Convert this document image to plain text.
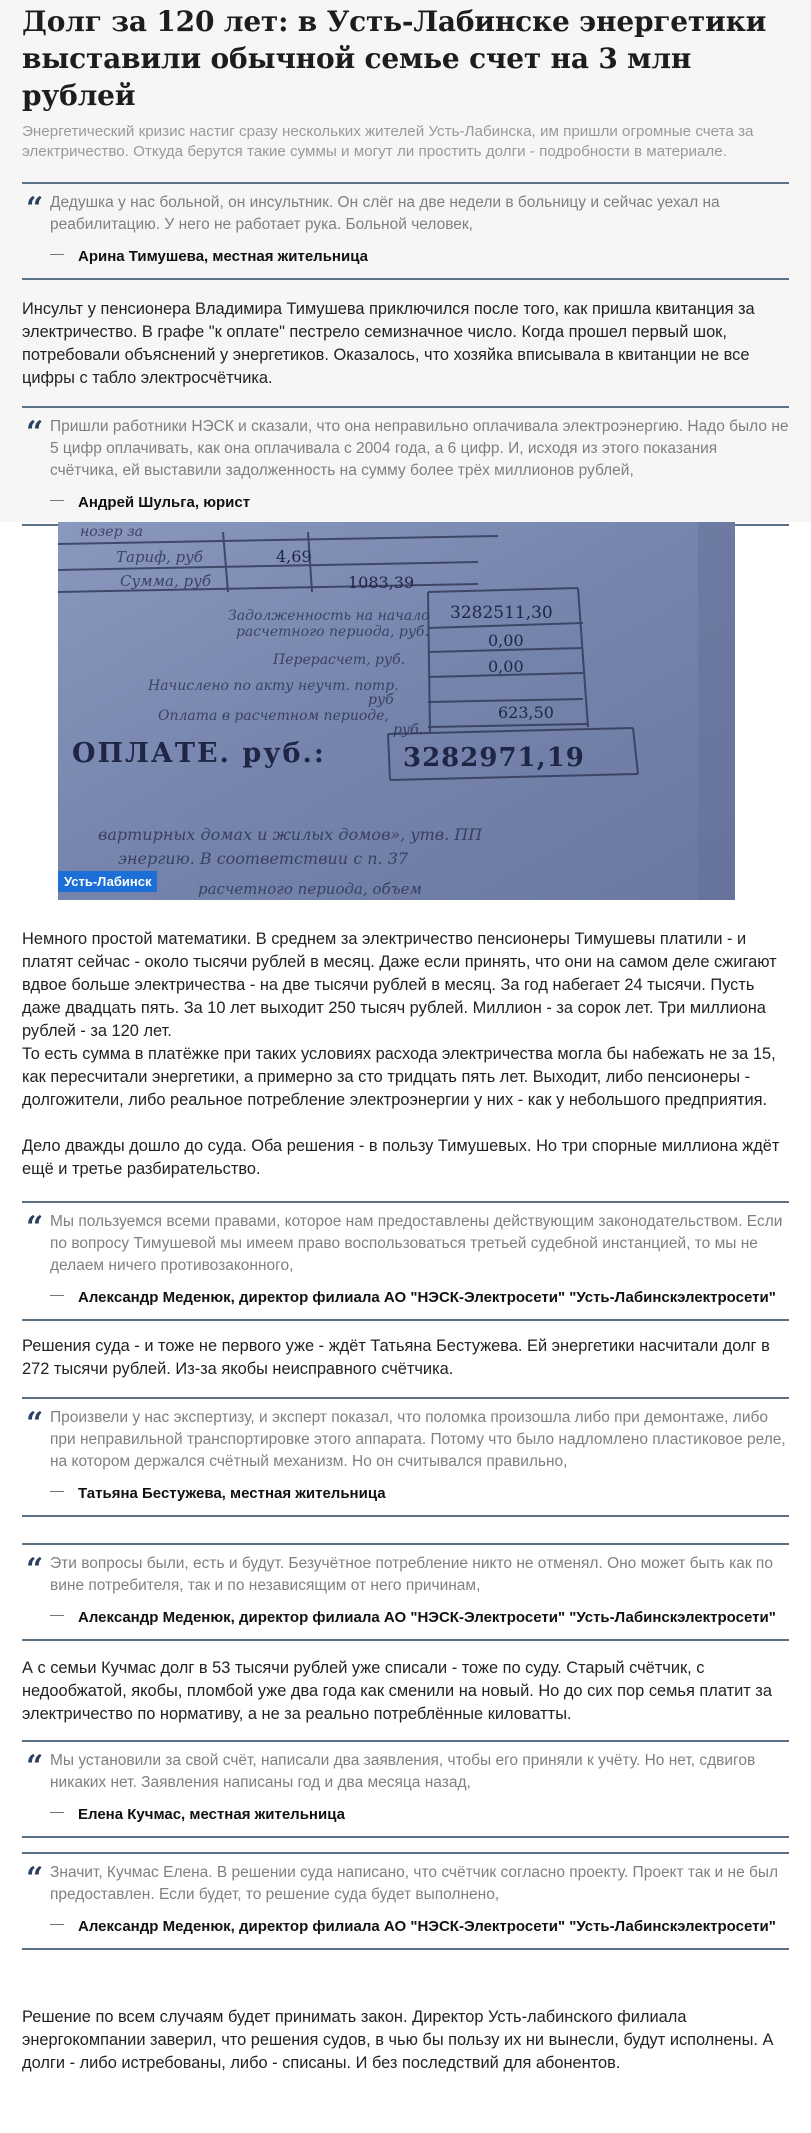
Долг за 120 лет: в Усть-Лабинске энергетики выставили обычной семье счет на 3 млн рублей

Энергетический кризис настиг сразу нескольких жителей Усть-Лабинска, им пришли огромные счета за электричество. Откуда берутся такие суммы и могут ли простить долги - подробности в материале.

“ Дедушка у нас больной, он инсультник. Он слёг на две недели в больницу и сейчас уехал на реабилитацию. У него не работает рука. Больной человек,

Арина Тимушева, местная жительница

Инсульт у пенсионера Владимира Тимушева приключился после того, как пришла квитанция за электричество. В графе "к оплате" пестрело семизначное число. Когда прошел первый шок, потребовали объяснений у энергетиков. Оказалось, что хозяйка вписывала в квитанции не все цифры с табло электросчётчика.

“ Пришли работники НЭСК и сказали, что она неправильно оплачивала электроэнергию. Надо было не 5 цифр оплачивать, как она оплачивала с 2004 года, а 6 цифр. И, исходя из этого показания счётчика, ей выставили задолженность на сумму более трёх миллионов рублей,

Андрей Шульга, юрист

Немного простой математики. В среднем за электричество пенсионеры Тимушевы платили - и платят сейчас - около тысячи рублей в месяц. Даже если принять, что они на самом деле сжигают вдвое больше электричества - на две тысячи рублей в месяц. За год набегает 24 тысячи. Пусть даже двадцать пять. За 10 лет выходит 250 тысяч рублей. Миллион - за сорок лет. Три миллиона рублей - за 120 лет.

То есть сумма в платёжке при таких условиях расхода электричества могла бы набежать не за 15, как пересчитали энергетики, а примерно за сто тридцать пять лет. Выходит, либо пенсионеры - долгожители, либо реальное потребление электроэнергии у них - как у небольшого предприятия.

Дело дважды дошло до суда. Оба решения - в пользу Тимушевых. Но три спорные миллиона ждёт ещё и третье разбирательство.

“ Мы пользуемся всеми правами, которое нам предоставлены действующим законодательством. Если по вопросу Тимушевой мы имеем право воспользоваться третьей судебной инстанцией, то мы не делаем ничего противозаконного,

Александр Меденюк, директор филиала АО "НЭСК-Электросети" "Усть-Лабинскэлектросети"

Решения суда - и тоже не первого уже - ждёт Татьяна Бестужева. Ей энергетики насчитали долг в 272 тысячи рублей. Из-за якобы неисправного счётчика.

“ Произвели у нас экспертизу, и эксперт показал, что поломка произошла либо при демонтаже, либо при неправильной транспортировке этого аппарата. Потому что было надломлено пластиковое реле, на котором держался счётный механизм. Но он считывался правильно,

Татьяна Бестужева, местная жительница
“ Эти вопросы были, есть и будут. Безучётное потребление никто не отменял. Оно может быть как по вине потребителя, так и по независящим от него причинам,

Александр Меденюк, директор филиала АО "НЭСК-Электросети" "Усть-Лабинскэлектросети"

А с семьи Кучмас долг в 53 тысячи рублей уже списали - тоже по суду. Старый счётчик, с недообжатой, якобы, пломбой уже два года как сменили на новый. Но до сих пор семья платит за электричество по нормативу, а не за реально потреблённые киловатты.

“ Мы установили за свой счёт, написали два заявления, чтобы его приняли к учёту. Но нет, сдвигов никаких нет. Заявления написаны год и два месяца назад,

Елена Кучмас, местная жительница
“ Значит, Кучмас Елена. В решении суда написано, что счётчик согласно проекту. Проект так и не был предоставлен. Если будет, то решение суда будет выполнено,

Александр Меденюк, директор филиала АО "НЭСК-Электросети" "Усть-Лабинскэлектросети"

Решение по всем случаям будет принимать закон. Директор Усть-лабинского филиала энергокомпании заверил, что решения судов, в чью бы пользу их ни вынесли, будут исполнены. А долги - либо истребованы, либо - списаны. И без последствий для абонентов.

нозер за
Тариф, руб
Сумма, руб
Задолженность на начало
расчетного периода, руб.
Перерасчет, руб.
Начислено по акту неучт. потр.
руб
Оплата в расчетном периоде,
руб.
вартирных домах и жилых домов», утв. ПП
энергию. В соответствии с п. 37
расчетного периода, объем
4,69
1083,39
3282511,30
0,00
0,00
623,50
ОПЛАТЕ. руб.:	3282971,19
Усть-Лабинск
